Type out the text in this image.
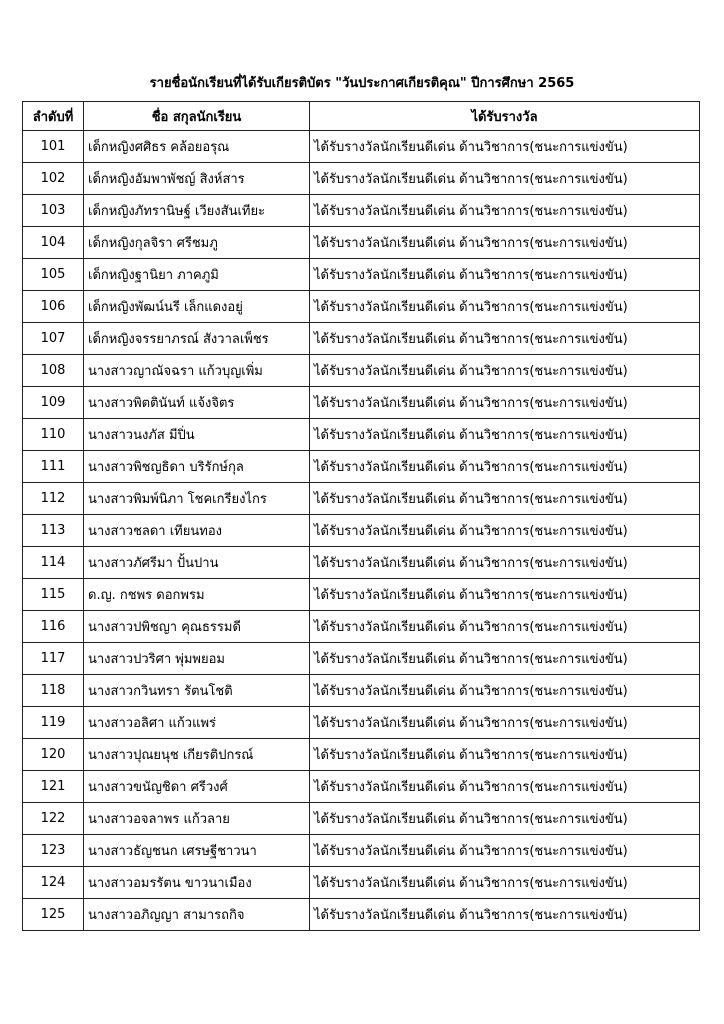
รายชื่อนักเรียนที่ได้รับเกียรติบัตร "วันประกาศเกียรติคุณ" ปีการศึกษา 2565
ลำดับที่	ชื่อ สกุลนักเรียน	ได้รับรางวัล
101	เด็กหญิงศศิธร คล้อยอรุณ	ได้รับรางวัลนักเรียนดีเด่น ด้านวิชาการ(ชนะการแข่งขัน)
102	เด็กหญิงอัมพาพัชญ์ สิงห์สาร	ได้รับรางวัลนักเรียนดีเด่น ด้านวิชาการ(ชนะการแข่งขัน)
103	เด็กหญิงภัทรานิษฐ์ เวียงสันเทียะ	ได้รับรางวัลนักเรียนดีเด่น ด้านวิชาการ(ชนะการแข่งขัน)
104	เด็กหญิงกุลจิรา ศรีชมภู	ได้รับรางวัลนักเรียนดีเด่น ด้านวิชาการ(ชนะการแข่งขัน)
105	เด็กหญิงฐานิยา ภาคภูมิ	ได้รับรางวัลนักเรียนดีเด่น ด้านวิชาการ(ชนะการแข่งขัน)
106	เด็กหญิงพัฒน์นรี เล็กแดงอยู่	ได้รับรางวัลนักเรียนดีเด่น ด้านวิชาการ(ชนะการแข่งขัน)
107	เด็กหญิงจรรยาภรณ์ สังวาลเพ็ชร	ได้รับรางวัลนักเรียนดีเด่น ด้านวิชาการ(ชนะการแข่งขัน)
108	นางสาวญาณัจฉรา แก้วบุญเพิ่ม	ได้รับรางวัลนักเรียนดีเด่น ด้านวิชาการ(ชนะการแข่งขัน)
109	นางสาวพิตตินันท์ แจ้งจิตร	ได้รับรางวัลนักเรียนดีเด่น ด้านวิชาการ(ชนะการแข่งขัน)
110	นางสาวนงภัส มีปิ่น	ได้รับรางวัลนักเรียนดีเด่น ด้านวิชาการ(ชนะการแข่งขัน)
111	นางสาวพิชญธิดา บริรักษ์กุล	ได้รับรางวัลนักเรียนดีเด่น ด้านวิชาการ(ชนะการแข่งขัน)
112	นางสาวพิมพ์นิภา โชคเกรียงไกร	ได้รับรางวัลนักเรียนดีเด่น ด้านวิชาการ(ชนะการแข่งขัน)
113	นางสาวชลดา เทียนทอง	ได้รับรางวัลนักเรียนดีเด่น ด้านวิชาการ(ชนะการแข่งขัน)
114	นางสาวภัศรีมา ปั้นปาน	ได้รับรางวัลนักเรียนดีเด่น ด้านวิชาการ(ชนะการแข่งขัน)
115	ด.ญ. กชพร ดอกพรม	ได้รับรางวัลนักเรียนดีเด่น ด้านวิชาการ(ชนะการแข่งขัน)
116	นางสาวปพิชญา คุณธรรมดี	ได้รับรางวัลนักเรียนดีเด่น ด้านวิชาการ(ชนะการแข่งขัน)
117	นางสาวปวริศา พุ่มพยอม	ได้รับรางวัลนักเรียนดีเด่น ด้านวิชาการ(ชนะการแข่งขัน)
118	นางสาวกวินทรา รัตนโชติ	ได้รับรางวัลนักเรียนดีเด่น ด้านวิชาการ(ชนะการแข่งขัน)
119	นางสาวอลิศา แก้วแพร่	ได้รับรางวัลนักเรียนดีเด่น ด้านวิชาการ(ชนะการแข่งขัน)
120	นางสาวปุณยนุช เกียรติปกรณ์	ได้รับรางวัลนักเรียนดีเด่น ด้านวิชาการ(ชนะการแข่งขัน)
121	นางสาวขนัญชิดา ศรีวงศ์	ได้รับรางวัลนักเรียนดีเด่น ด้านวิชาการ(ชนะการแข่งขัน)
122	นางสาวอจลาพร แก้วลาย	ได้รับรางวัลนักเรียนดีเด่น ด้านวิชาการ(ชนะการแข่งขัน)
123	นางสาวธัญชนก เศรษฐีชาวนา	ได้รับรางวัลนักเรียนดีเด่น ด้านวิชาการ(ชนะการแข่งขัน)
124	นางสาวอมรรัตน ขาวนาเมือง	ได้รับรางวัลนักเรียนดีเด่น ด้านวิชาการ(ชนะการแข่งขัน)
125	นางสาวอภิญญา สามารถกิจ	ได้รับรางวัลนักเรียนดีเด่น ด้านวิชาการ(ชนะการแข่งขัน)
